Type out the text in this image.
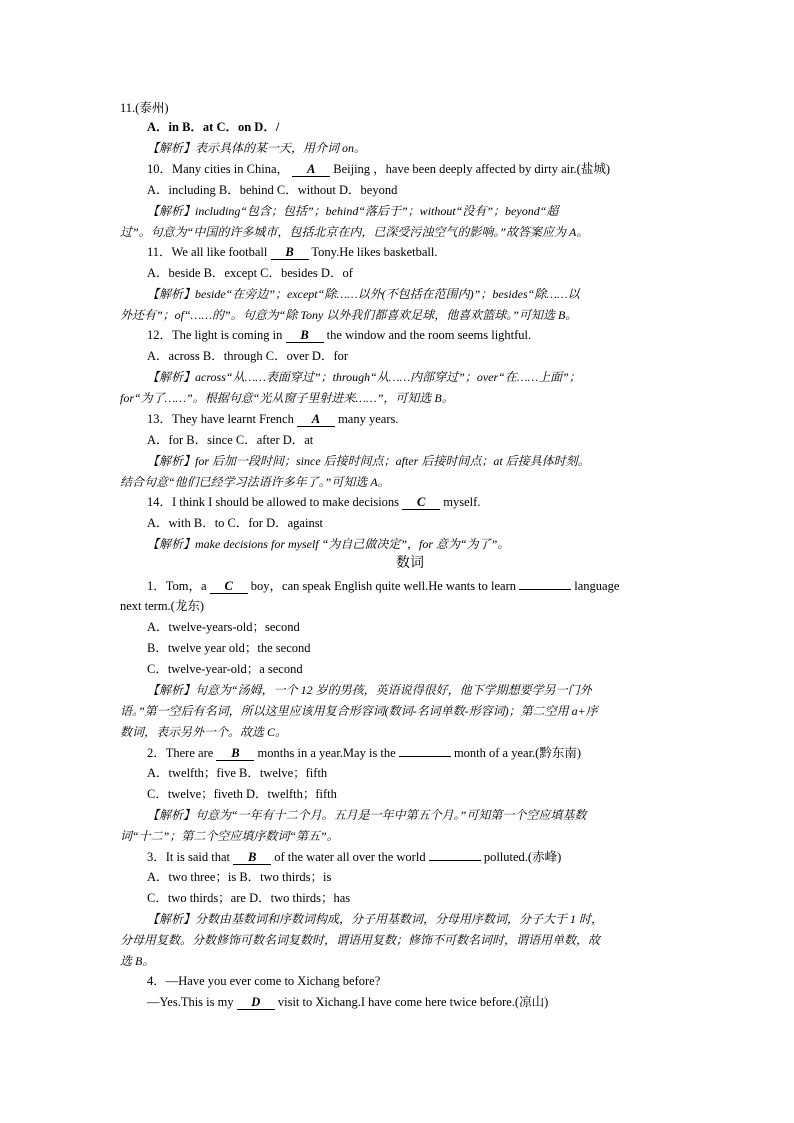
11.(泰州)
A．in B．at C．on D．/
【解析】表示具体的某一天，用介词 on。
10．Many cities in China， A Beijing ，have been deeply affected by dirty air.(盐城)
A．including B．behind C．without D．beyond
【解析】including“包含；包括”；behind“落后于”；without“没有”；beyond“超
过”。句意为“中国的许多城市，包括北京在内，已深受污浊空气的影响。”故答案应为 A。
11．We all like football B Tony.He likes basketball.
A．beside B．except C．besides D．of
【解析】beside“在旁边”；except“除……以外(不包括在范围内)”；besides“除……以
外还有”；of“……的”。句意为“除 Tony 以外我们都喜欢足球，他喜欢篮球。”可知选 B。
12．The light is coming in B the window and the room seems lightful.
A．across B．through C．over D．for
【解析】across“从……表面穿过”；through“从……内部穿过”；over“在……上面”；
for“为了……”。根据句意“光从窗子里射进来……”，可知选 B。
13．They have learnt French A many years.
A．for B．since C．after D．at
【解析】for 后加一段时间；since 后接时间点；after 后接时间点；at 后接具体时刻。
结合句意“他们已经学习法语许多年了。”可知选 A。
14．I think I should be allowed to make decisions C myself.
A．with B．to C．for D．against
【解析】make decisions for myself “为自己做决定”，for 意为“为了”。
数词
1．Tom，a C boy，can speak English quite well.He wants to learn	language
next term.(龙东)
A．twelve-years-old；second
B．twelve year old；the second
C．twelve-year-old；a second
【解析】句意为“汤姆，一个 12 岁的男孩，英语说得很好，他下学期想要学另一门外
语。”第一空后有名词，所以这里应该用复合形容词(数词-名词单数-形容词)；第二空用 a+序
数词，表示另外一个。故选 C。
2．There are B months in a year.May is the	month of a year.(黔东南)
A．twelfth；five B．twelve；fifth
C．twelve；fiveth D．twelfth；fifth
【解析】句意为“一年有十二个月。五月是一年中第五个月。”可知第一个空应填基数
词“十二”；第二个空应填序数词“第五”。
3．It is said that B of the water all over the world	polluted.(赤峰)
A．two three；is B．two thirds；is
C．two thirds；are D．two thirds；has
【解析】分数由基数词和序数词构成，分子用基数词，分母用序数词，分子大于 1 时，
分母用复数。分数修饰可数名词复数时，谓语用复数；修饰不可数名词时，谓语用单数，故
选 B。
4．—Have you ever come to Xichang before?
—Yes.This is my D visit to Xichang.I have come here twice before.(凉山)
